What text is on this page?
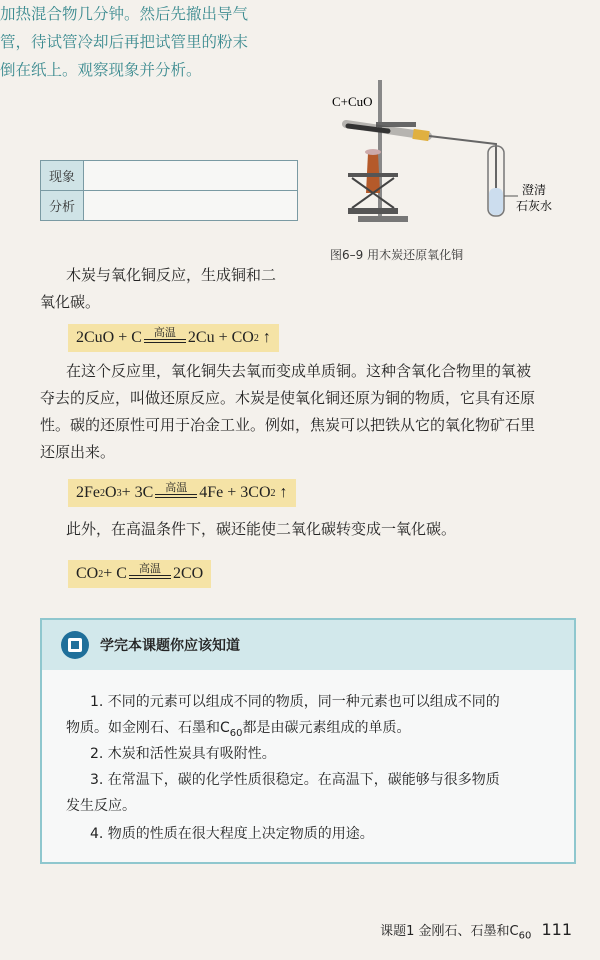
加热混合物几分钟。然后先撤出导气
管，待试管冷却后再把试管里的粉末
倒在纸上。观察现象并分析。
现象	
分析	
C+CuO
澄清
石灰水
图6–9 用木炭还原氧化铜
木炭与氧化铜反应，生成铜和二
氧化碳。
2CuO + C 高温 2Cu + CO 2
↑
在这个反应里，氧化铜失去氧而变成单质铜。这种含氧化合物里的氧被
夺去的反应，叫做还原反应。木炭是使氧化铜还原为铜的物质，它具有还原
性。碳的还原性可用于冶金工业。例如，焦炭可以把铁从它的氧化物矿石里
还原出来。
2Fe 2 O 3 + 3C 高温 4Fe + 3CO 2
↑
此外，在高温条件下，碳还能使二氧化碳转变成一氧化碳。
CO 2 + C 高温 2CO
学完本课题你应该知道
1. 不同的元素可以组成不同的物质，同一种元素也可以组成不同的
物质。如金刚石、石墨和$C_{60}$都是由碳元素组成的单质。
2. 木炭和活性炭具有吸附性。
3. 在常温下，碳的化学性质很稳定。在高温下，碳能够与很多物质
发生反应。
4. 物质的性质在很大程度上决定物质的用途。
课题1 金刚石、石墨和$C_{60}$ 111
